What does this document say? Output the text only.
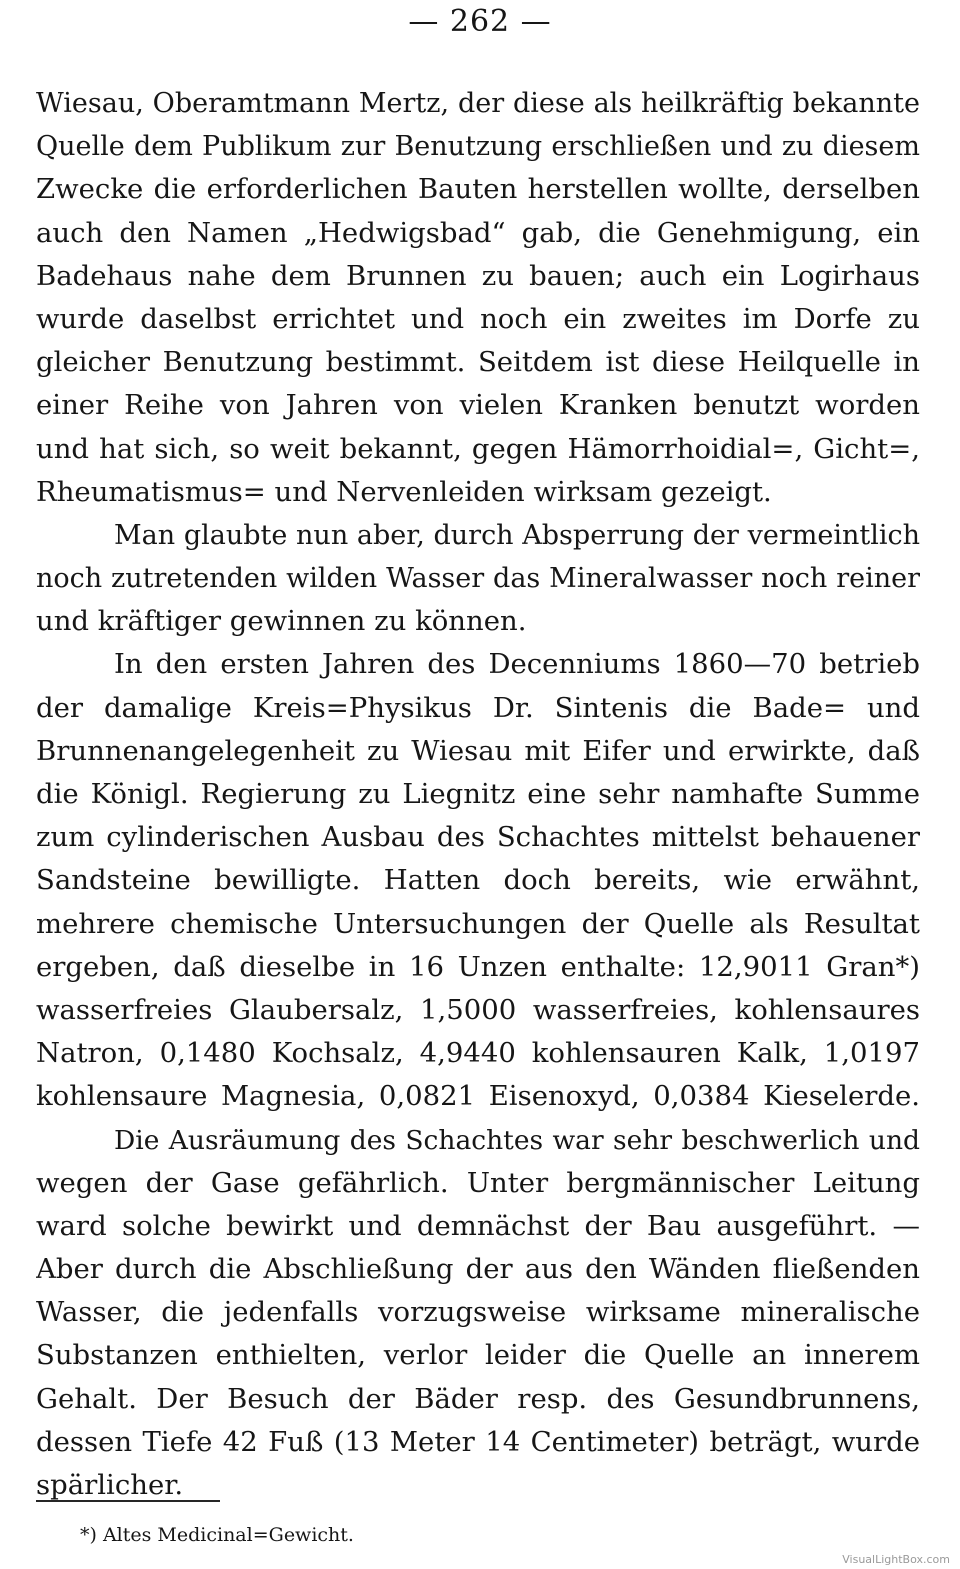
— 262 —
Wiesau, Oberamtmann Mertz, der diese als heilkräftig bekannte
Quelle dem Publikum zur Benutzung erschließen und zu diesem
Zwecke die erforderlichen Bauten herstellen wollte, derselben
auch den Namen „Hedwigsbad“ gab, die Genehmigung, ein
Badehaus nahe dem Brunnen zu bauen; auch ein Logirhaus
wurde daselbst errichtet und noch ein zweites im Dorfe zu
gleicher Benutzung bestimmt. Seitdem ist diese Heilquelle in
einer Reihe von Jahren von vielen Kranken benutzt worden
und hat sich, so weit bekannt, gegen Hämorrhoidial=, Gicht=,
Rheumatismus= und Nervenleiden wirksam gezeigt.
Man glaubte nun aber, durch Absperrung der vermeintlich
noch zutretenden wilden Wasser das Mineralwasser noch reiner
und kräftiger gewinnen zu können.
In den ersten Jahren des Decenniums 1860—70 betrieb
der damalige Kreis=Physikus Dr. Sintenis die Bade= und
Brunnenangelegenheit zu Wiesau mit Eifer und erwirkte, daß
die Königl. Regierung zu Liegnitz eine sehr namhafte Summe
zum cylinderischen Ausbau des Schachtes mittelst behauener
Sandsteine bewilligte. Hatten doch bereits, wie erwähnt,
mehrere chemische Untersuchungen der Quelle als Resultat
ergeben, daß dieselbe in 16 Unzen enthalte: 12,9011 Gran*)
wasserfreies Glaubersalz, 1,5000 wasserfreies, kohlensaures
Natron, 0,1480 Kochsalz, 4,9440 kohlensauren Kalk, 1,0197
kohlensaure Magnesia, 0,0821 Eisenoxyd, 0,0384 Kieselerde.
Die Ausräumung des Schachtes war sehr beschwerlich und
wegen der Gase gefährlich. Unter bergmännischer Leitung
ward solche bewirkt und demnächst der Bau ausgeführt. —
Aber durch die Abschließung der aus den Wänden fließenden
Wasser, die jedenfalls vorzugsweise wirksame mineralische
Substanzen enthielten, verlor leider die Quelle an innerem
Gehalt. Der Besuch der Bäder resp. des Gesundbrunnens,
dessen Tiefe 42 Fuß (13 Meter 14 Centimeter) beträgt, wurde
spärlicher.
*) Altes Medicinal=Gewicht.
VisualLightBox.com
